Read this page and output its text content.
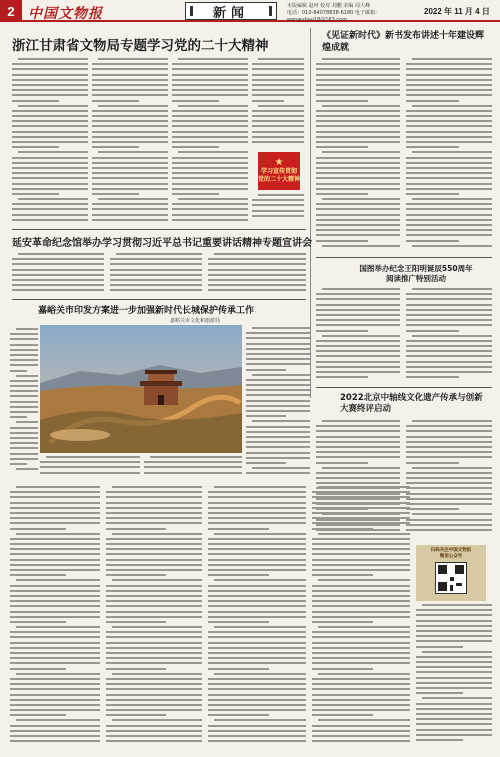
2 中国文物报	新闻	本版编辑 赵珂 校对 刘鹏 美编 周大峰
电话：010-84078838-6180 电子邮箱：wenwubao18@163.com
2022 年 11 月 4 日
浙江甘肃省文物局专题学习党的二十大精神
★
学习宣传贯彻
党的二十大精神
《见证新时代》新书发布讲述十年建设辉煌成就
延安革命纪念馆举办学习贯彻习近平总书记重要讲话精神专题宣讲会
国图举办纪念王阳明诞辰550周年阅读推广特别活动
嘉峪关市印发方案进一步加强新时代长城保护传承工作
嘉峪关市文化和旅游局
2022北京中轴线文化遗产传承与创新大赛终评启动
扫码关注中国文物报
微信公众号
